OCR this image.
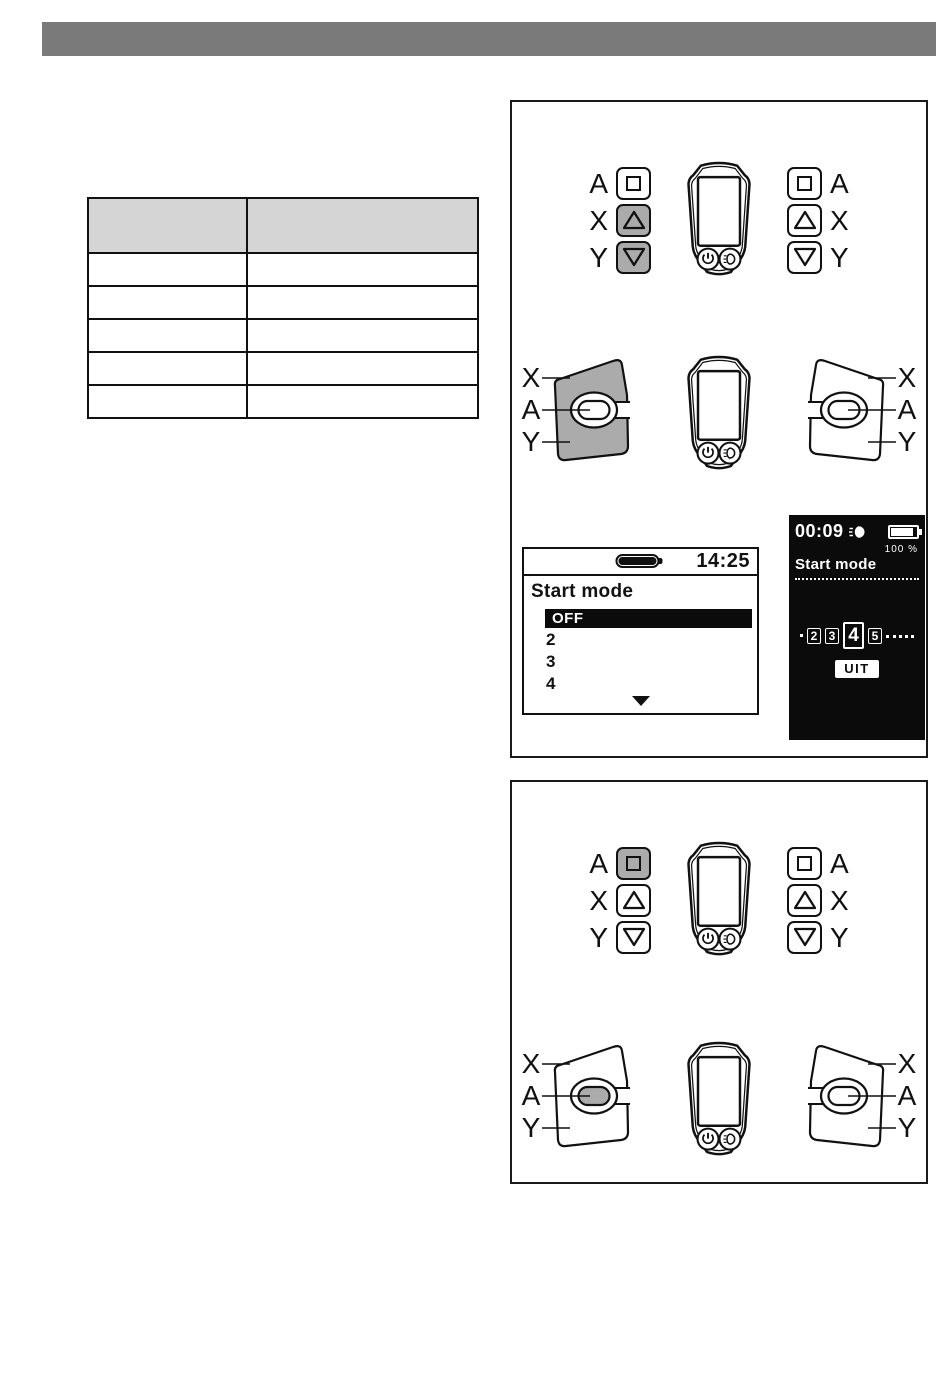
A
X
Y
A
X
Y
X
A
Y
X
A
Y
14:25
Start mode
OFF
2
3
4
00:09
100 %
Start mode
2 3 4	5
UIT
A
X
Y
A
X
Y
X
A
Y
X
A
Y
